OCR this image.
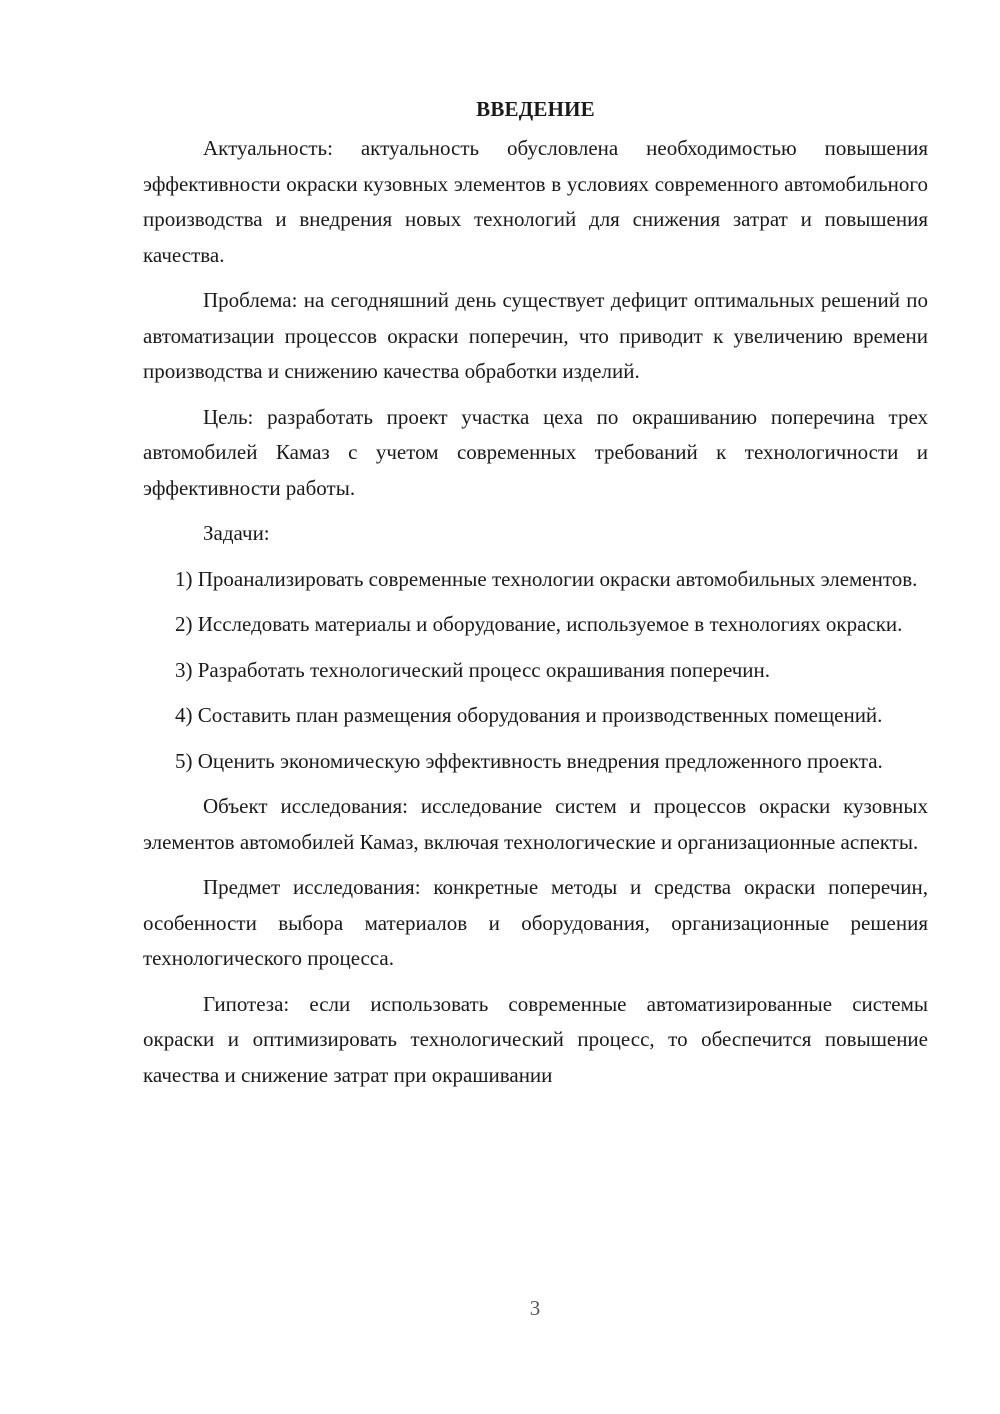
ВВЕДЕНИЕ

Актуальность: актуальность обусловлена необходимостью повышения эффективности окраски кузовных элементов в условиях современного автомобильного производства и внедрения новых технологий для снижения затрат и повышения качества.

Проблема: на сегодняшний день существует дефицит оптимальных решений по автоматизации процессов окраски поперечин, что приводит к увеличению времени производства и снижению качества обработки изделий.

Цель: разработать проект участка цеха по окрашиванию поперечина трех автомобилей Камаз с учетом современных требований к технологичности и эффективности работы.

Задачи:

1) Проанализировать современные технологии окраски автомобильных элементов.

2) Исследовать материалы и оборудование, используемое в технологиях окраски.

3) Разработать технологический процесс окрашивания поперечин.

4) Составить план размещения оборудования и производственных помещений.

5) Оценить экономическую эффективность внедрения предложенного проекта.

Объект исследования: исследование систем и процессов окраски кузовных элементов автомобилей Камаз, включая технологические и организационные аспекты.

Предмет исследования: конкретные методы и средства окраски поперечин, особенности выбора материалов и оборудования, организационные решения технологического процесса.

Гипотеза: если использовать современные автоматизированные системы окраски и оптимизировать технологический процесс, то обеспечится повышение качества и снижение затрат при окрашивании

3
